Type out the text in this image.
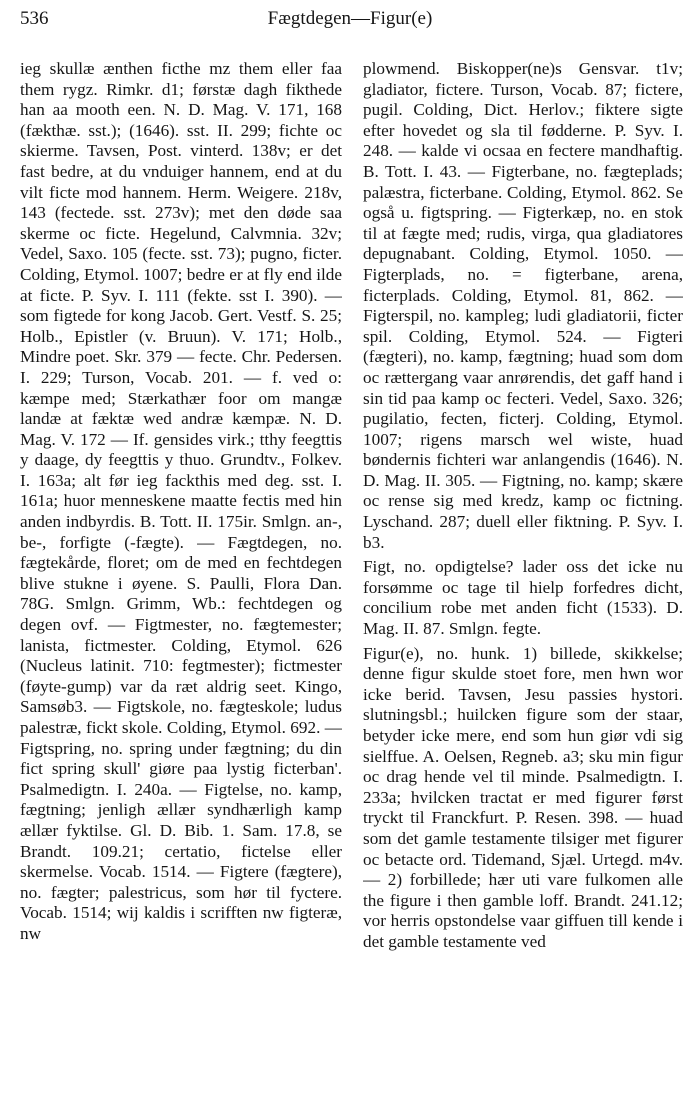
536	Fægtdegen—Figur(e)

ieg skullæ ænthen ficthe mz them eller faa them rygz. Rimkr. d1; førstæ dagh fikthede han aa mooth een. N. D. Mag. V. 171, 168 (fækthæ. sst.); (1646). sst. II. 299; fichte oc skierme. Tavsen, Post. vinterd. 138v; er det fast bedre, at du vnduiger hannem, end at du vilt ficte mod hannem. Herm. Weigere. 218v, 143 (fectede. sst. 273v); met den døde saa skerme oc ficte. Hegelund, Calvmnia. 32v; Vedel, Saxo. 105 (fecte. sst. 73); pugno, ficter. Colding, Etymol. 1007; bedre er at fly end ilde at ficte. P. Syv. I. 111 (fekte. sst I. 390). — som figtede for kong Jacob. Gert. Vestf. S. 25; Holb., Epistler (v. Bruun). V. 171; Holb., Mindre poet. Skr. 379 — fecte. Chr. Pedersen. I. 229; Turson, Vocab. 201. — f. ved o: kæmpe med; Stærkathær foor om mangæ landæ at fæktæ wed andræ kæmpæ. N. D. Mag. V. 172 — If. gensides virk.; tthy feegttis y daage, dy feegttis y thuo. Grundtv., Folkev. I. 163a; alt før ieg fackthis med deg. sst. I. 161a; huor menneskene maatte fectis med hin anden indbyrdis. B. Tott. II. 175ir. Smlgn. an-, be-, forfigte (-fægte). — Fægtdegen, no. fægtekårde, floret; om de med en fechtdegen blive stukne i øyene. S. Paulli, Flora Dan. 78G. Smlgn. Grimm, Wb.: fechtdegen og degen ovf. — Figtmester, no. fægtemester; lanista, fictmester. Colding, Etymol. 626 (Nucleus latinit. 710: fegtmester); fictmester (føyte-gump) var da ræt aldrig seet. Kingo, Samsøb3. — Figtskole, no. fægteskole; ludus palestræ, fickt skole. Colding, Etymol. 692. — Figtspring, no. spring under fægtning; du din fict spring skull' giøre paa lystig ficterban'. Psalmedigtn. I. 240a. — Figtelse, no. kamp, fægtning; jenligh ællær syndhærligh kamp ællær fyktilse. Gl. D. Bib. 1. Sam. 17.8, se Brandt. 109.21; certatio, fictelse eller skermelse. Vocab. 1514. — Figtere (fægtere), no. fægter; palestricus, som hør til fyctere. Vocab. 1514; wij kaldis i scrifften nw figteræ, nw

plowmend. Biskopper(ne)s Gensvar. t1v; gladiator, fictere. Turson, Vocab. 87; fictere, pugil. Colding, Dict. Herlov.; fiktere sigte efter hovedet og sla til fødderne. P. Syv. I. 248. — kalde vi ocsaa en fectere mandhaftig. B. Tott. I. 43. — Figterbane, no. fægteplads; palæstra, ficterbane. Colding, Etymol. 862. Se også u. figtspring. — Figterkæp, no. en stok til at fægte med; rudis, virga, qua gladiatores depugnabant. Colding, Etymol. 1050. — Figterplads, no. = figterbane, arena, ficterplads. Colding, Etymol. 81, 862. — Figterspil, no. kampleg; ludi gladiatorii, ficter spil. Colding, Etymol. 524. — Figteri (fægteri), no. kamp, fægtning; huad som dom oc rættergang vaar anrørendis, det gaff hand i sin tid paa kamp oc fecteri. Vedel, Saxo. 326; pugilatio, fecten, ficterj. Colding, Etymol. 1007; rigens marsch wel wiste, huad bøndernis fichteri war anlangendis (1646). N. D. Mag. II. 305. — Figtning, no. kamp; skære oc rense sig med kredz, kamp oc fictning. Lyschand. 287; duell eller fiktning. P. Syv. I. b3.

Figt, no. opdigtelse? lader oss det icke nu forsømme oc tage til hielp forfedres dicht, concilium robe met anden ficht (1533). D. Mag. II. 87. Smlgn. fegte.

Figur(e), no. hunk. 1) billede, skikkelse; denne figur skulde stoet fore, men hwn wor icke berid. Tavsen, Jesu passies hystori. slutningsbl.; huilcken figure som der staar, betyder icke mere, end som hun giør vdi sig sielffue. A. Oelsen, Regneb. a3; sku min figur oc drag hende vel til minde. Psalmedigtn. I. 233a; hvilcken tractat er med figurer først tryckt til Franckfurt. P. Resen. 398. — huad som det gamle testamente tilsiger met figurer oc betacte ord. Tidemand, Sjæl. Urtegd. m4v. — 2) forbillede; hær uti vare fulkomen alle the figure i then gamble loff. Brandt. 241.12; vor herris opstondelse vaar giffuen till kende i det gamble testamente ved
